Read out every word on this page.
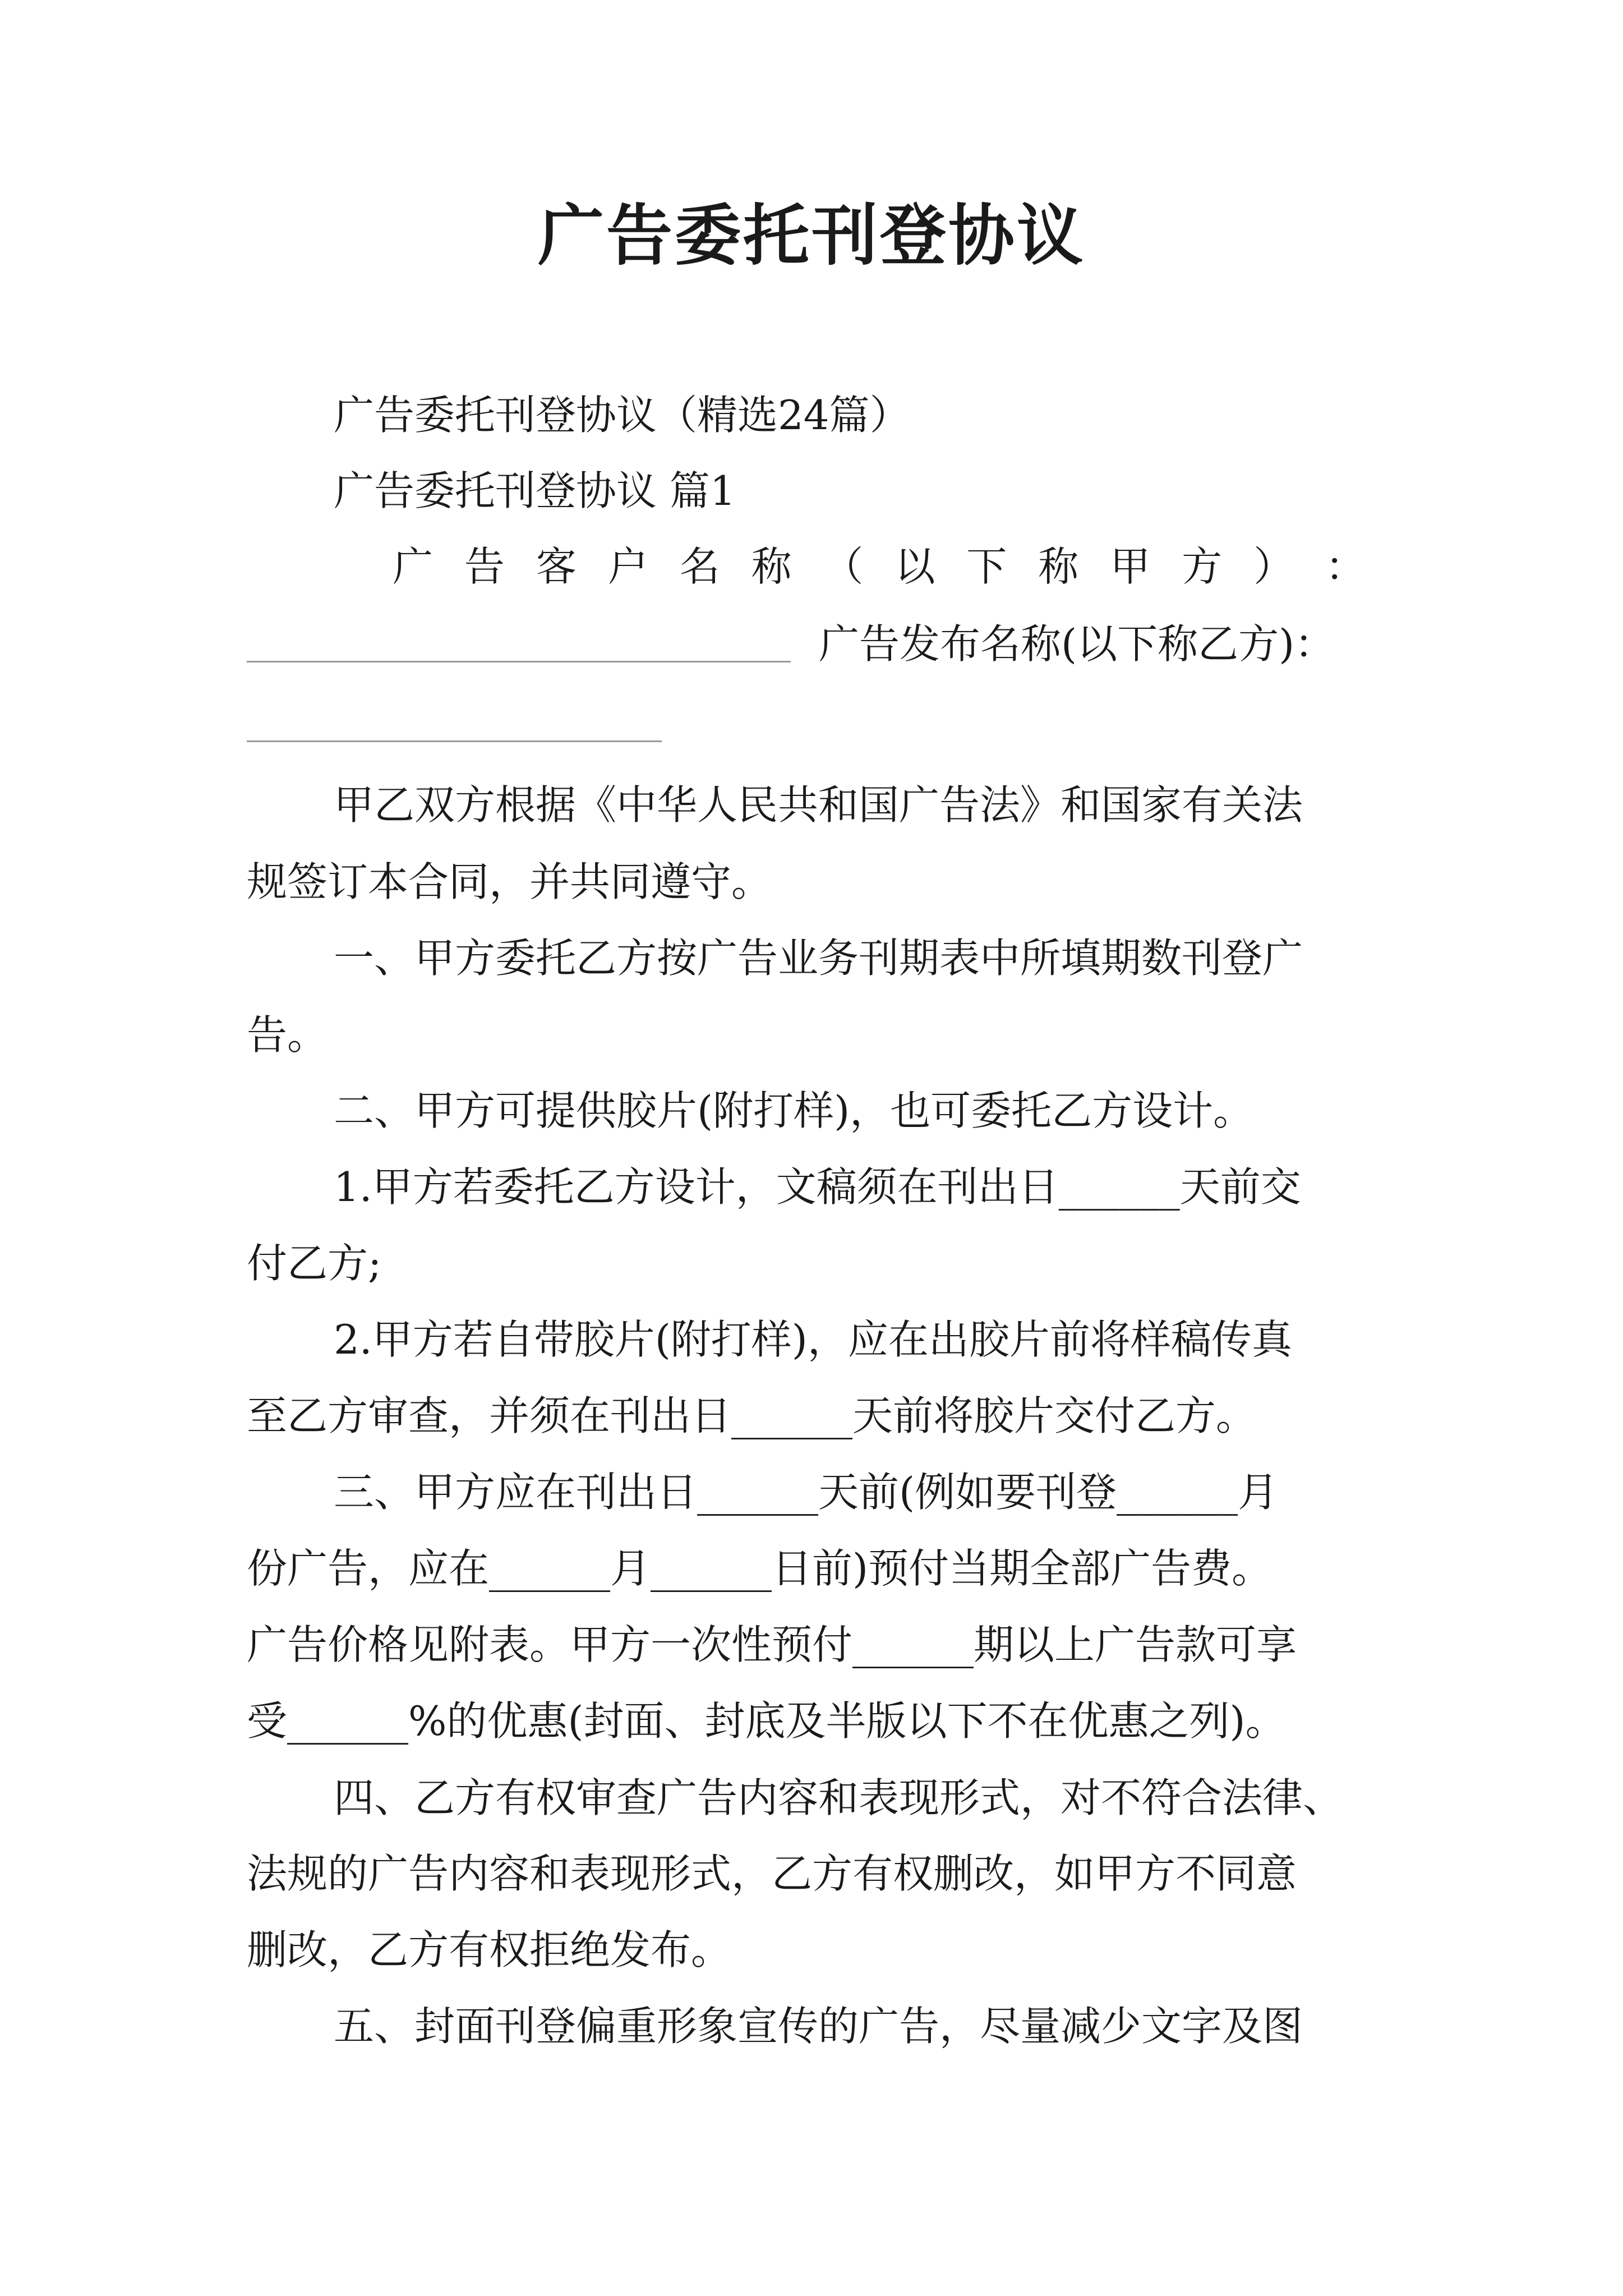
广告委托刊登协议
广告委托刊登协议（精选24篇）
广告委托刊登协议 篇1
广 告 客 户 名 称 （ 以 下 称 甲 方 ） ：
广告发布名称(以下称乙方)：
甲乙双方根据《中华人民共和国广告法》和国家有关法
规签订本合同，并共同遵守。
一、甲方委托乙方按广告业务刊期表中所填期数刊登广
告。
二、甲方可提供胶片(附打样)，也可委托乙方设计。
1.甲方若委托乙方设计，文稿须在刊出日______天前交
付乙方;
2.甲方若自带胶片(附打样)，应在出胶片前将样稿传真
至乙方审查，并须在刊出日______天前将胶片交付乙方。
三、甲方应在刊出日______天前(例如要刊登______月
份广告，应在______月______日前)预付当期全部广告费。
广告价格见附表。甲方一次性预付______期以上广告款可享
受______%的优惠(封面、封底及半版以下不在优惠之列)。
四、乙方有权审查广告内容和表现形式，对不符合法律、
法规的广告内容和表现形式，乙方有权删改，如甲方不同意
删改，乙方有权拒绝发布。
五、封面刊登偏重形象宣传的广告，尽量减少文字及图
